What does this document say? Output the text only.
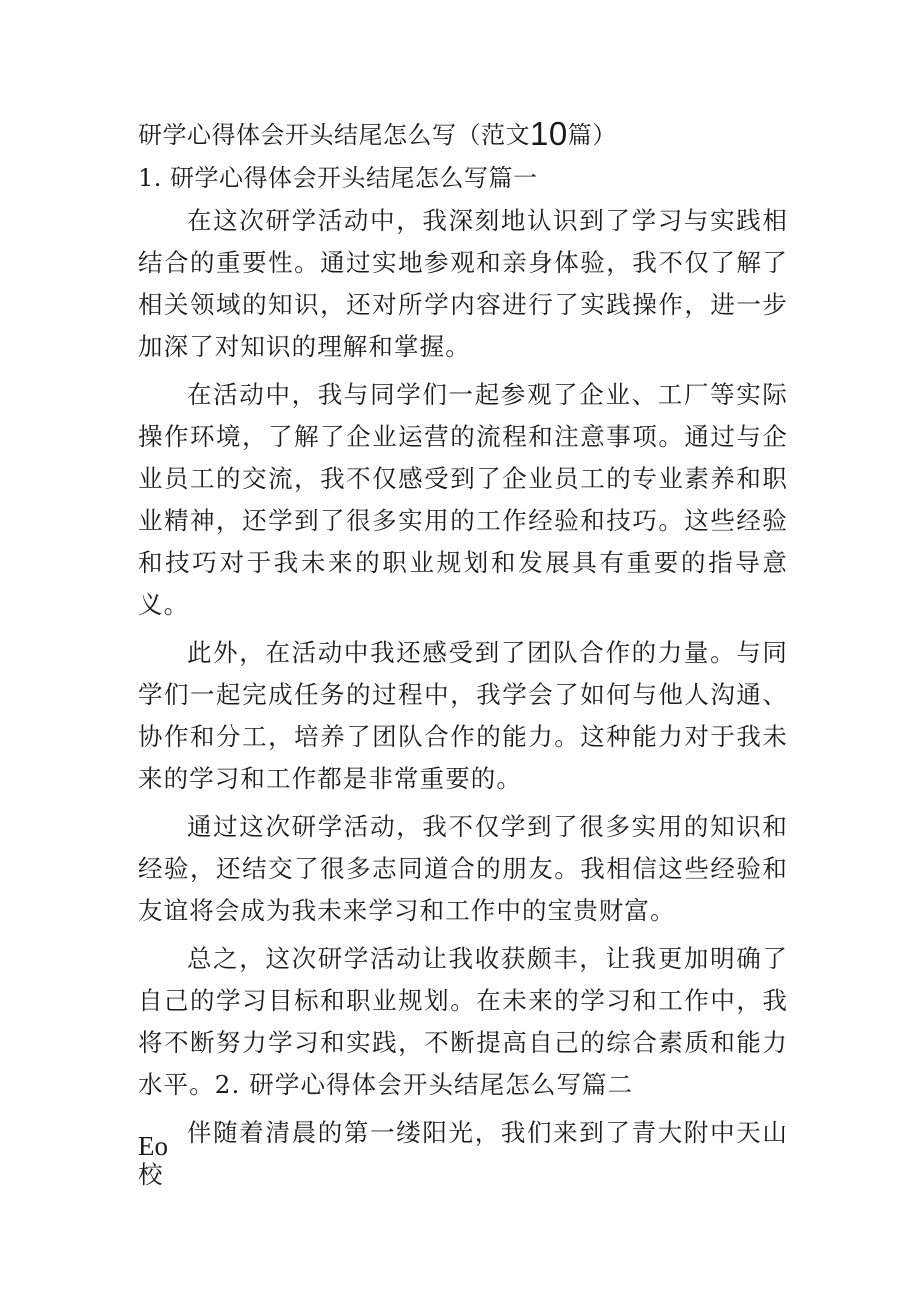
研学心得体会开头结尾怎么写（范文10篇）
1. 研学心得体会开头结尾怎么写篇一

在这次研学活动中，我深刻地认识到了学习与实践相结合的重要性。通过实地参观和亲身体验，我不仅了解了相关领域的知识，还对所学内容进行了实践操作，进一步加深了对知识的理解和掌握。

在活动中，我与同学们一起参观了企业、工厂等实际操作环境，了解了企业运营的流程和注意事项。通过与企业员工的交流，我不仅感受到了企业员工的专业素养和职业精神，还学到了很多实用的工作经验和技巧。这些经验和技巧对于我未来的职业规划和发展具有重要的指导意义。

此外，在活动中我还感受到了团队合作的力量。与同学们一起完成任务的过程中，我学会了如何与他人沟通、协作和分工，培养了团队合作的能力。这种能力对于我未来的学习和工作都是非常重要的。

通过这次研学活动，我不仅学到了很多实用的知识和经验，还结交了很多志同道合的朋友。我相信这些经验和友谊将会成为我未来学习和工作中的宝贵财富。

总之，这次研学活动让我收获颇丰，让我更加明确了自己的学习目标和职业规划。在未来的学习和工作中，我将不断努力学习和实践，不断提高自己的综合素质和能力水平。2. 研学心得体会开头结尾怎么写篇二

伴随着清晨的第一缕阳光，我们来到了青大附中天山校

Eo
